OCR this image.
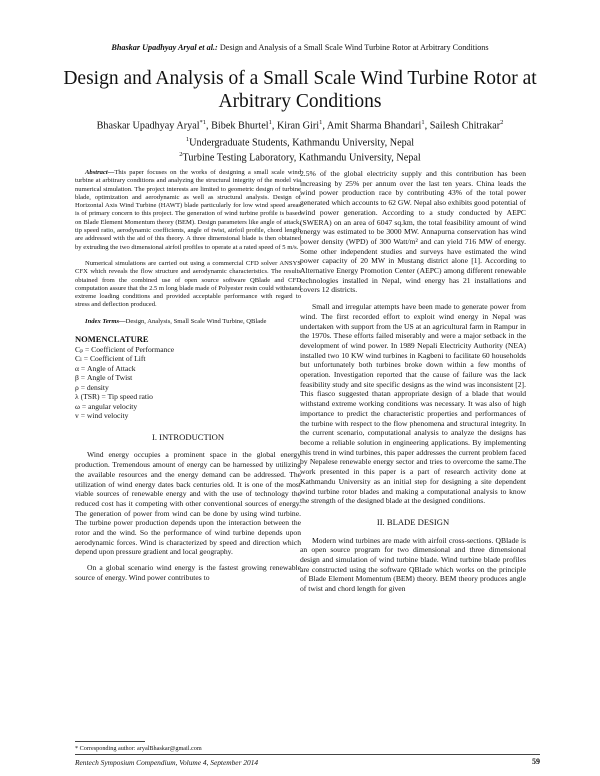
Bhaskar Upadhyay Aryal et al.: Design and Analysis of a Small Scale Wind Turbine Rotor at Arbitrary Conditions
Design and Analysis of a Small Scale Wind Turbine Rotor at Arbitrary Conditions
Bhaskar Upadhyay Aryal$^{*1}$, Bibek Bhurtel$^1$, Kiran Giri$^1$, Amit Sharma Bhandari$^1$, Sailesh Chitrakar$^2$
$^1$Undergraduate Students, Kathmandu University, Nepal
$^2$Turbine Testing Laboratory, Kathmandu University, Nepal

Abstract—This paper focuses on the works of designing a small scale wind turbine at arbitrary conditions and analyzing the structural integrity of the model via numerical simulation. The project interests are limited to geometric design of turbine blade, optimization and aerodynamic as well as structural analysis. Design of Horizontal Axis Wind Turbine (HAWT) blade particularly for low wind speed areas is of primary concern to this project. The generation of wind turbine profile is based on Blade Element Momentum theory (BEM). Design parameters like angle of attack, tip speed ratio, aerodynamic coefficients, angle of twist, airfoil profile, chord length are addressed with the aid of this theory. A three dimensional blade is then obtained by extruding the two dimensional airfoil profiles to operate at a rated speed of 5 m/s.

Numerical simulations are carried out using a commercial CFD solver ANSYS CFX which reveals the flow structure and aerodynamic characteristics. The results obtained from the combined use of open source software QBlade and CFD computation assure that the 2.5 m long blade made of Polyester resin could withstand extreme loading conditions and provided acceptable performance with regard to stress and deflection produced.

Index Terms—Design, Analysis, Small Scale Wind Turbine, QBlade

NOMENCLATURE
Cₚ = Coefficient of Performance
Cₗ = Coefficient of Lift
α = Angle of Attack
β = Angle of Twist
ρ = density
λ (TSR) = Tip speed ratio
ω = angular velocity
v = wind velocity
I. INTRODUCTION

Wind energy occupies a prominent space in the global energy production. Tremendous amount of energy can be harnessed by utilizing the available resources and the energy demand can be addressed. The utilization of wind energy dates back centuries old. It is one of the most viable sources of renewable energy and with the use of technology the reduced cost has it competing with other conventional sources of energy. The generation of power from wind can be done by using wind turbine. The turbine power production depends upon the interaction between the rotor and the wind. So the performance of wind turbine depends upon aerodynamic forces. Wind is characterized by speed and direction which depend upon pressure gradient and local geography.

On a global scenario wind energy is the fastest growing renewable source of energy. Wind power contributes to

2.5% of the global electricity supply and this contribution has been increasing by 25% per annum over the last ten years. China leads the wind power production race by contributing 43% of the total power generated which accounts to 62 GW. Nepal also exhibits good potential of wind power generation. According to a study conducted by AEPC (SWERA) on an area of 6047 sq.km, the total feasibility amount of wind energy was estimated to be 3000 MW. Annapurna conservation has wind power density (WPD) of 300 Watt/m² and can yield 716 MW of energy. Some other independent studies and surveys have estimated the wind power capacity of 20 MW in Mustang district alone [1]. According to Alternative Energy Promotion Center (AEPC) among different renewable technologies installed in Nepal, wind energy has 21 installations and covers 12 districts.

Small and irregular attempts have been made to generate power from wind. The first recorded effort to exploit wind energy in Nepal was undertaken with support from the US at an agricultural farm in Rampur in the 1970s. These efforts failed miserably and were a major setback in the development of wind power. In 1989 Nepali Electricity Authority (NEA) installed two 10 KW wind turbines in Kagbeni to facilitate 60 households but unfortunately both turbines broke down within a few months of operation. Investigation reported that the cause of failure was the lack feasibility study and site specific designs as the wind was inconsistent [2]. This fiasco suggested thatan appropriate design of a blade that would withstand extreme working conditions was necessary. It was also of high importance to predict the characteristic properties and performances of the turbine with respect to the flow phenomena and structural integrity. In the current scenario, computational analysis to analyze the designs has become a reliable solution in engineering applications. By implementing this trend in wind turbines, this paper addresses the current problem faced by Nepalese renewable energy sector and tries to overcome the same.The work presented in this paper is a part of research activity done at Kathmandu University as an initial step for designing a site dependent wind turbine rotor blades and making a computational analysis to know the strength of the designed blade at the designed conditions.

II. BLADE DESIGN

Modern wind turbines are made with airfoil cross-sections. QBlade is an open source program for two dimensional and three dimensional design and simulation of wind turbine blade. Wind turbine blade profiles are constructed using the software QBlade which works on the principle of Blade Element Momentum (BEM) theory. BEM theory produces angle of twist and chord length for given

* Corresponding author: aryalBhaskar@gmail.com
Rentech Symposium Compendium, Volume 4, September 2014	59
